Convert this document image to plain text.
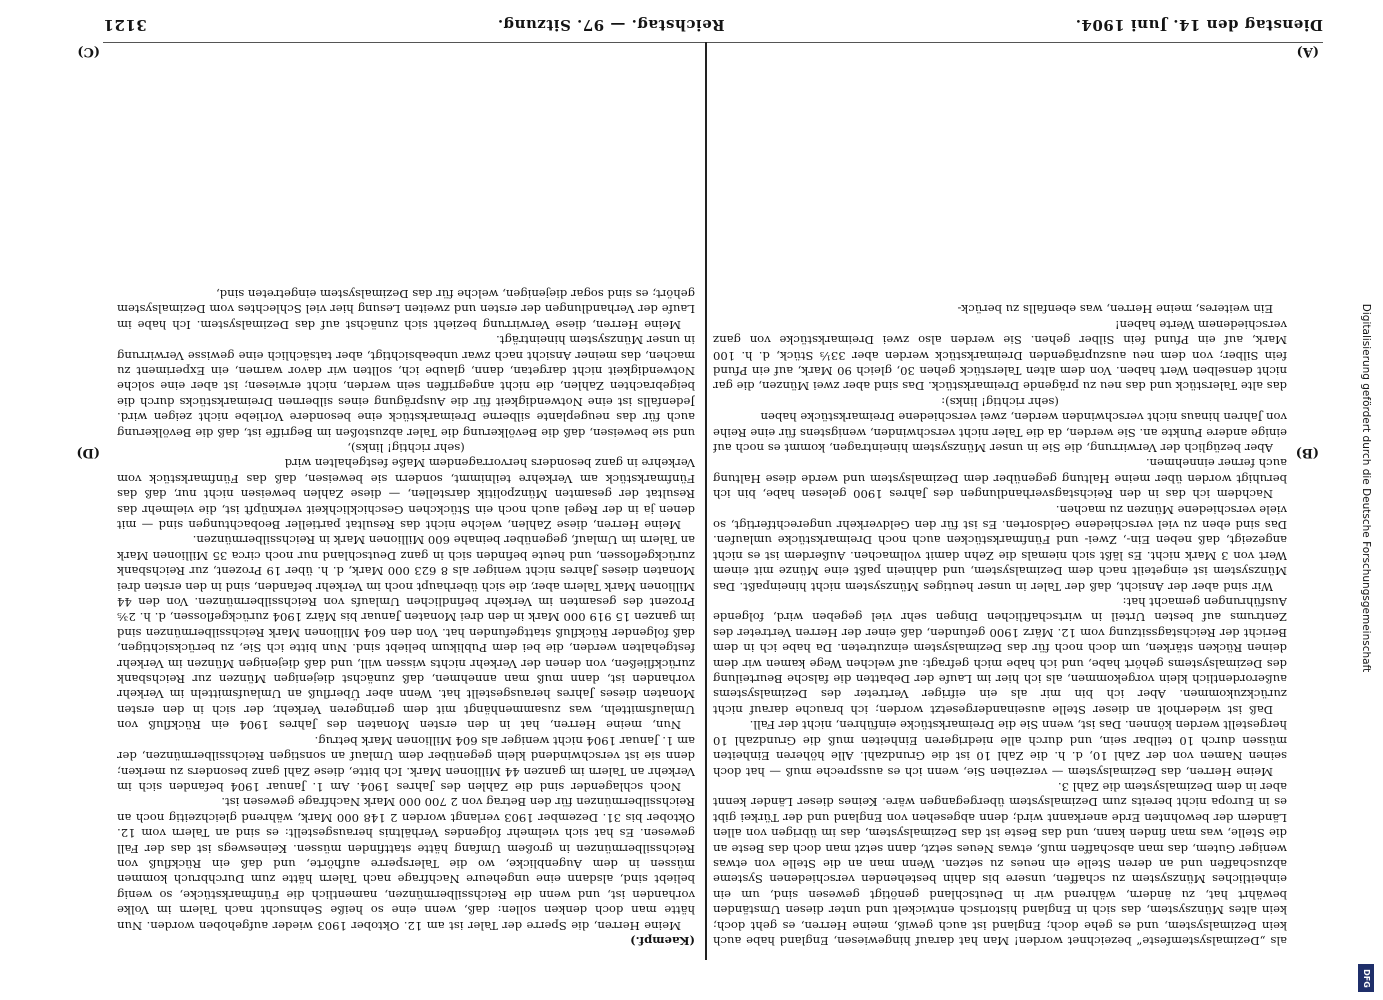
Dienstag den 14. Juni 1904.
Reichstag. — 97. Sitzung.
3121
(C)
(D)
(A)
(B)

als „Dezimalsystemfeste“ bezeichnet worden! Man hat darauf hingewiesen, England habe auch kein Dezimalsystem, und es gehe doch; England ist auch gewiß, meine Herren, es geht doch; kein altes Münzsystem, das sich in England historisch entwickelt und unter diesen Umständen bewährt hat, zu ändern, während wir in Deutschland genötigt gewesen sind, um ein einheitliches Münzsystem zu schaffen, unsere bis dahin bestehenden verschiedenen Systeme abzuschaffen und an deren Stelle ein neues zu setzen. Wenn man an die Stelle von etwas weniger Gutem, das man abschaffen muß, etwas Neues setzt, dann setzt man doch das Beste an die Stelle, was man finden kann, und das Beste ist das Dezimalsystem, das im übrigen von allen Ländern der bewohnten Erde anerkannt wird; denn abgesehen von England und der Türkei gibt es in Europa nicht bereits zum Dezimalsystem übergegangen wäre. Keines dieser Länder kennt aber in dem Dezimalsystem die Zahl 3.

Meine Herren, das Dezimalsystem — verzeihen Sie, wenn ich es ausspreche muß — hat doch seinen Namen von der Zahl 10, d. h. die Zahl 10 ist die Grundzahl. Alle höheren Einheiten müssen durch 10 teilbar sein, und durch alle niedrigeren Einheiten muß die Grundzahl 10 hergestellt werden können. Das ist, wenn Sie die Dreimarkstücke einführen, nicht der Fall.

Daß ist wiederholt an dieser Stelle auseinandergesetzt worden; ich brauche darauf nicht zurückzukommen. Aber ich bin mir als ein eifriger Vertreter des Dezimalsystems außerordentlich klein vorgekommen, als ich hier im Laufe der Debatten die falsche Beurteilung des Dezimalsystems gehört habe, und ich habe mich gefragt: auf welchen Wege kamen wir dem deinen Rücken stärken, um doch noch für das Dezimalsystem einzutreten. Da habe ich in dem Bericht der Reichstagssitzung vom 12. März 1900 gefunden, daß einer der Herren Vertreter des Zentrums auf besten Urteil in wirtschaftlichen Dingen sehr viel gegeben wird, folgende Ausführungen gemacht hat:

Wir sind aber der Ansicht, daß der Taler in unser heutiges Münzsystem nicht hineinpaßt. Das Münzsystem ist eingeteilt nach dem Dezimalsystem, und dahinein paßt eine Münze mit einem Wert von 3 Mark nicht. Es läßt sich niemals die Zehn damit vollmachen. Außerdem ist es nicht angezeigt, daß neben Ein-, Zwei- und Fünfmarkstücken auch noch Dreimarkstücke umlaufen. Das sind eben zu viel verschiedene Geldsorten. Es ist für den Geldverkehr ungerechtfertigt, so viele verschiedene Münzen zu machen.

Nachdem ich das in den Reichstagsverhandlungen des Jahres 1900 gelesen habe, bin ich beruhigt worden über meine Haltung gegenüber dem Dezimalsystem und werde diese Haltung auch ferner einnehmen.

Aber bezüglich der Verwirrung, die Sie in unser Münzsystem hineintragen, kommt es noch auf einige andere Punkte an. Sie werden, da die Taler nicht verschwinden, wenigstens für eine Reihe von Jahren hinaus nicht verschwinden werden, zwei verschiedene Dreimarkstücke haben

(sehr richtig! links):

das alte Talerstück und das neu zu prägende Dreimarkstück. Das sind aber zwei Münzen, die gar nicht denselben Wert haben. Von dem alten Talerstück gehen 30, gleich 90 Mark, auf ein Pfund fein Silber; von dem neu auszuprägenden Dreimarkstück werden aber 33⅓ Stück, d. h. 100 Mark, auf ein Pfund fein Silber gehen. Sie werden also zwei Dreimarkstücke von ganz verschiedenem Werte haben!

Ein weiteres, meine Herren, was ebenfalls zu berück-

(Kaempf.)

Meine Herren, die Sperre der Taler ist am 12. Oktober 1903 wieder aufgehoben worden. Nun hätte man doch denken sollen: daß, wenn eine so heiße Sehnsucht nach Talern im Volke vorhanden ist, und wenn die Reichssilbermünzen, namentlich die Fünfmarkstücke, so wenig beliebt sind, alsdann eine ungeheure Nachfrage nach Talern hätte zum Durchbruch kommen müssen in dem Augenblicke, wo die Talersperre aufhörte, und daß ein Rückfluß von Reichssilbermünzen in großem Umfang hätte stattfinden müssen. Keineswegs ist das der Fall gewesen. Es hat sich vielmehr folgendes Verhältnis herausgestellt: es sind an Talern vom 12. Oktober bis 31. Dezember 1903 verlangt worden 2 148 000 Mark, während gleichzeitig noch an Reichssilbermünzen für den Betrag von 2 700 000 Mark Nachfrage gewesen ist.

Noch schlagender sind die Zahlen des Jahres 1904. Am 1. Januar 1904 befanden sich im Verkehr an Talern im ganzen 44 Millionen Mark. Ich bitte, diese Zahl ganz besonders zu merken; denn sie ist verschwindend klein gegenüber dem Umlauf an sonstigen Reichssilbermünzen, der am 1. Januar 1904 nicht weniger als 604 Millionen Mark betrug.

Nun, meine Herren, hat in den ersten Monaten des Jahres 1904 ein Rückfluß von Umlaufsmitteln, was zusammenhängt mit dem geringeren Verkehr, der sich in den ersten Monaten dieses Jahres herausgestellt hat. Wenn aber Überfluß an Umlaufsmitteln im Verkehr vorhanden ist, dann muß man annehmen, daß zunächst diejenigen Münzen zur Reichsbank zurückfließen, von denen der Verkehr nichts wissen will, und daß diejenigen Münzen im Verkehr festgehalten werden, die bei dem Publikum beliebt sind. Nun bitte ich Sie, zu berücksichtigen, daß folgender Rückfluß stattgefunden hat. Von den 604 Millionen Mark Reichssilbermünzen sind im ganzen 15 919 000 Mark in den drei Monaten Januar bis März 1904 zurückgeflossen, d. h. 2⅗ Prozent des gesamten im Verkehr befindlichen Umlaufs von Reichssilbermünzen. Von den 44 Millionen Mark Talern aber, die sich überhaupt noch im Verkehr befanden, sind in den ersten drei Monaten dieses Jahres nicht weniger als 8 623 000 Mark, d. h. über 19 Prozent, zur Reichsbank zurückgeflossen, und heute befinden sich in ganz Deutschland nur noch circa 35 Millionen Mark an Talern im Umlauf, gegenüber beinahe 600 Millionen Mark in Reichssilbermünzen.

Meine Herren, diese Zahlen, welche nicht das Resultat partieller Beobachtungen sind — mit denen ja in der Regel auch noch ein Stückchen Geschicklichkeit verknüpft ist, die vielmehr das Resultat der gesamten Münzpolitik darstellen, — diese Zahlen beweisen nicht nur, daß das Fünfmarkstück am Verkehre teilnimmt, sondern sie beweisen, daß das Fünfmarkstück vom Verkehre in ganz besonders hervorragendem Maße festgehalten wird

(sehr richtig! links),

und sie beweisen, daß die Bevölkerung die Taler abzustoßen im Begriffe ist, daß die Bevölkerung auch für das neugeplante silberne Dreimarkstück eine besondere Vorliebe nicht zeigen wird. Jedenfalls ist eine Notwendigkeit für die Ausprägung eines silbernen Dreimarkstücks durch die beigebrachten Zahlen, die nicht angegriffen sein werden, nicht erwiesen; ist aber eine solche Notwendigkeit nicht dargetan, dann, glaube ich, sollten wir davor warnen, ein Experiment zu machen, das meiner Ansicht nach zwar unbeabsichtigt, aber tatsächlich eine gewisse Verwirrung in unser Münzsystem hineinträgt.

Meine Herren, diese Verwirrung bezieht sich zunächst auf das Dezimalsystem. Ich habe im Laufe der Verhandlungen der ersten und zweiten Lesung hier viel Schlechtes vom Dezimalsystem gehört; es sind sogar diejenigen, welche für das Dezimalsystem eingetreten sind,

Digitalisierung gefördert durch die Deutsche Forschungsgemeinschaft
DFG
